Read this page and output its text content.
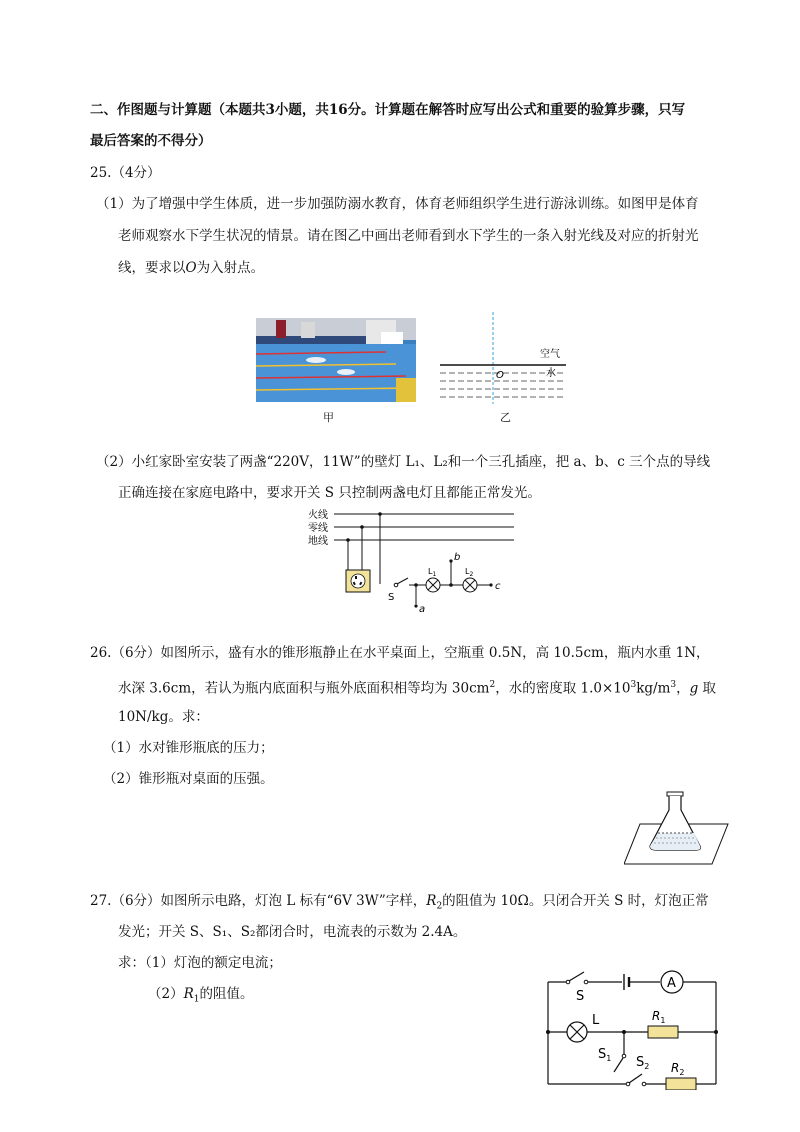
二、作图题与计算题（本题共3小题，共16分。计算题在解答时应写出公式和重要的验算步骤，只写
最后答案的不得分）
25.（4分）
（1）为了增强中学生体质，进一步加强防溺水教育，体育老师组织学生进行游泳训练。如图甲是体育
老师观察水下学生状况的情景。请在图乙中画出老师看到水下学生的一条入射光线及对应的折射光
线，要求以O为入射点。
甲
空气
水
O
乙
（2）小红家卧室安装了两盏“220V，11W”的壁灯 L₁、L₂和一个三孔插座，把 a、b、c 三个点的导线
正确连接在家庭电路中，要求开关 S 只控制两盏电灯且都能正常发光。
火线
零线
地线
S
a
$L_1$
b
$L_2$
c
26.（6分）如图所示，盛有水的锥形瓶静止在水平桌面上，空瓶重 0.5N，高 10.5cm，瓶内水重 1N，
水深 3.6cm，若认为瓶内底面积与瓶外底面积相等均为 $30cm^2$，水的密度取 $1.0\times 10^3kg/m^3$，g 取
10N/kg。求：
（1）水对锥形瓶底的压力；
（2）锥形瓶对桌面的压强。
27.（6分）如图所示电路，灯泡 L 标有“6V 3W”字样，$R_2$的阻值为 10Ω。只闭合开关 S 时，灯泡正常
发光；开关 S、S₁、S₂都闭合时，电流表的示数为 2.4A。
求：（1）灯泡的额定电流；
$(2)R_1$的阻值。
A
S
L	$R_1$
$S_1$ $S_2$ $R_2$
